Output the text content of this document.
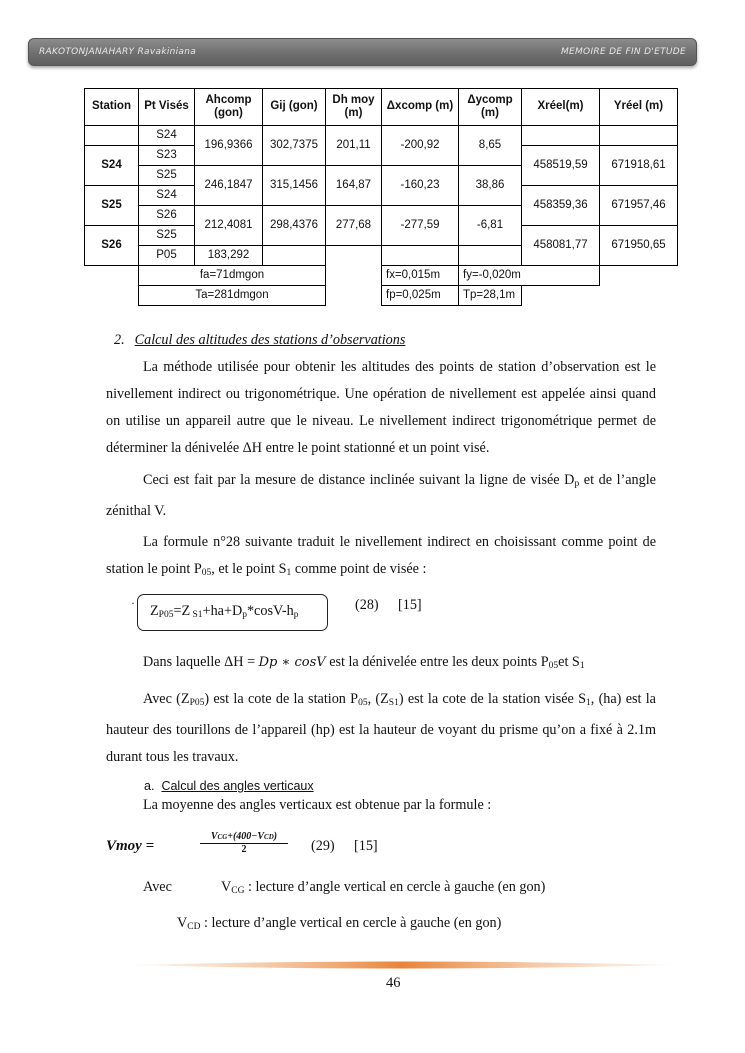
RAKOTONJANAHARY Ravakiniana	MEMOIRE DE FIN D'ETUDE
Station	Pt Visés	Ahcomp (gon)	Gij (gon)	Dh moy (m)	Δxcomp (m)	Δycomp (m)	Xréel(m)	Yréel (m)
	S24	196,9366	302,7375	201,11	-200,92	8,65		
S24	S23						458519,59	671918,61
	S25	246,1847	315,1456	164,87	-160,23	38,86		
S25	S24						458359,36	671957,46
	S26	212,4081	298,4376	277,68	-277,59	-6,81		
S26	S25						458081,77	671950,65
	P05	183,292						
	fa=71dmgon				fx=0,015m	fy=-0,020m		
	Ta=281dmgon				fp=0,025m	Tp=28,1m		
2. Calcul des altitudes des stations d’observations
La méthode utilisée pour obtenir les altitudes des points de station d’observation est le nivellement indirect ou trigonométrique. Une opération de nivellement est appelée ainsi quand on utilise un appareil autre que le niveau. Le nivellement indirect trigonométrique permet de déterminer la dénivelée ΔH entre le point stationné et un point visé.
Ceci est fait par la mesure de distance inclinée suivant la ligne de visée $D_p$ et de l’angle zénithal V.
La formule n°28 suivante traduit le nivellement indirect en choisissant comme point de station le point $P_{05}$, et le point $S_1$ comme point de visée :
·	$Z_{P05}=Z$ $_{S1}+ha+D_p*\cos V-h_p$
(28) [15]
Dans laquelle ΔH = Dp ∗ cosV est la dénivelée entre les deux points $P_{05}et$ $S_1$
Avec $(Z_{P05})$ est la cote de la station $P_{05}$, $(Z_{S1})$ est la cote de la station visée $S_1$, (ha) est la hauteur des tourillons de l’appareil (hp) est la hauteur de voyant du prisme qu’on a fixé à 2.1m durant tous les travaux.
a. Calcul des angles verticaux
La moyenne des angles verticaux est obtenue par la formule :
Vmoy =
VCG+(400−VCD)
2	(29) [15]
Avec	$V_{CG}$ : lecture d’angle vertical en cercle à gauche (en gon)
$V_{CD}$ : lecture d’angle vertical en cercle à gauche (en gon)
46
